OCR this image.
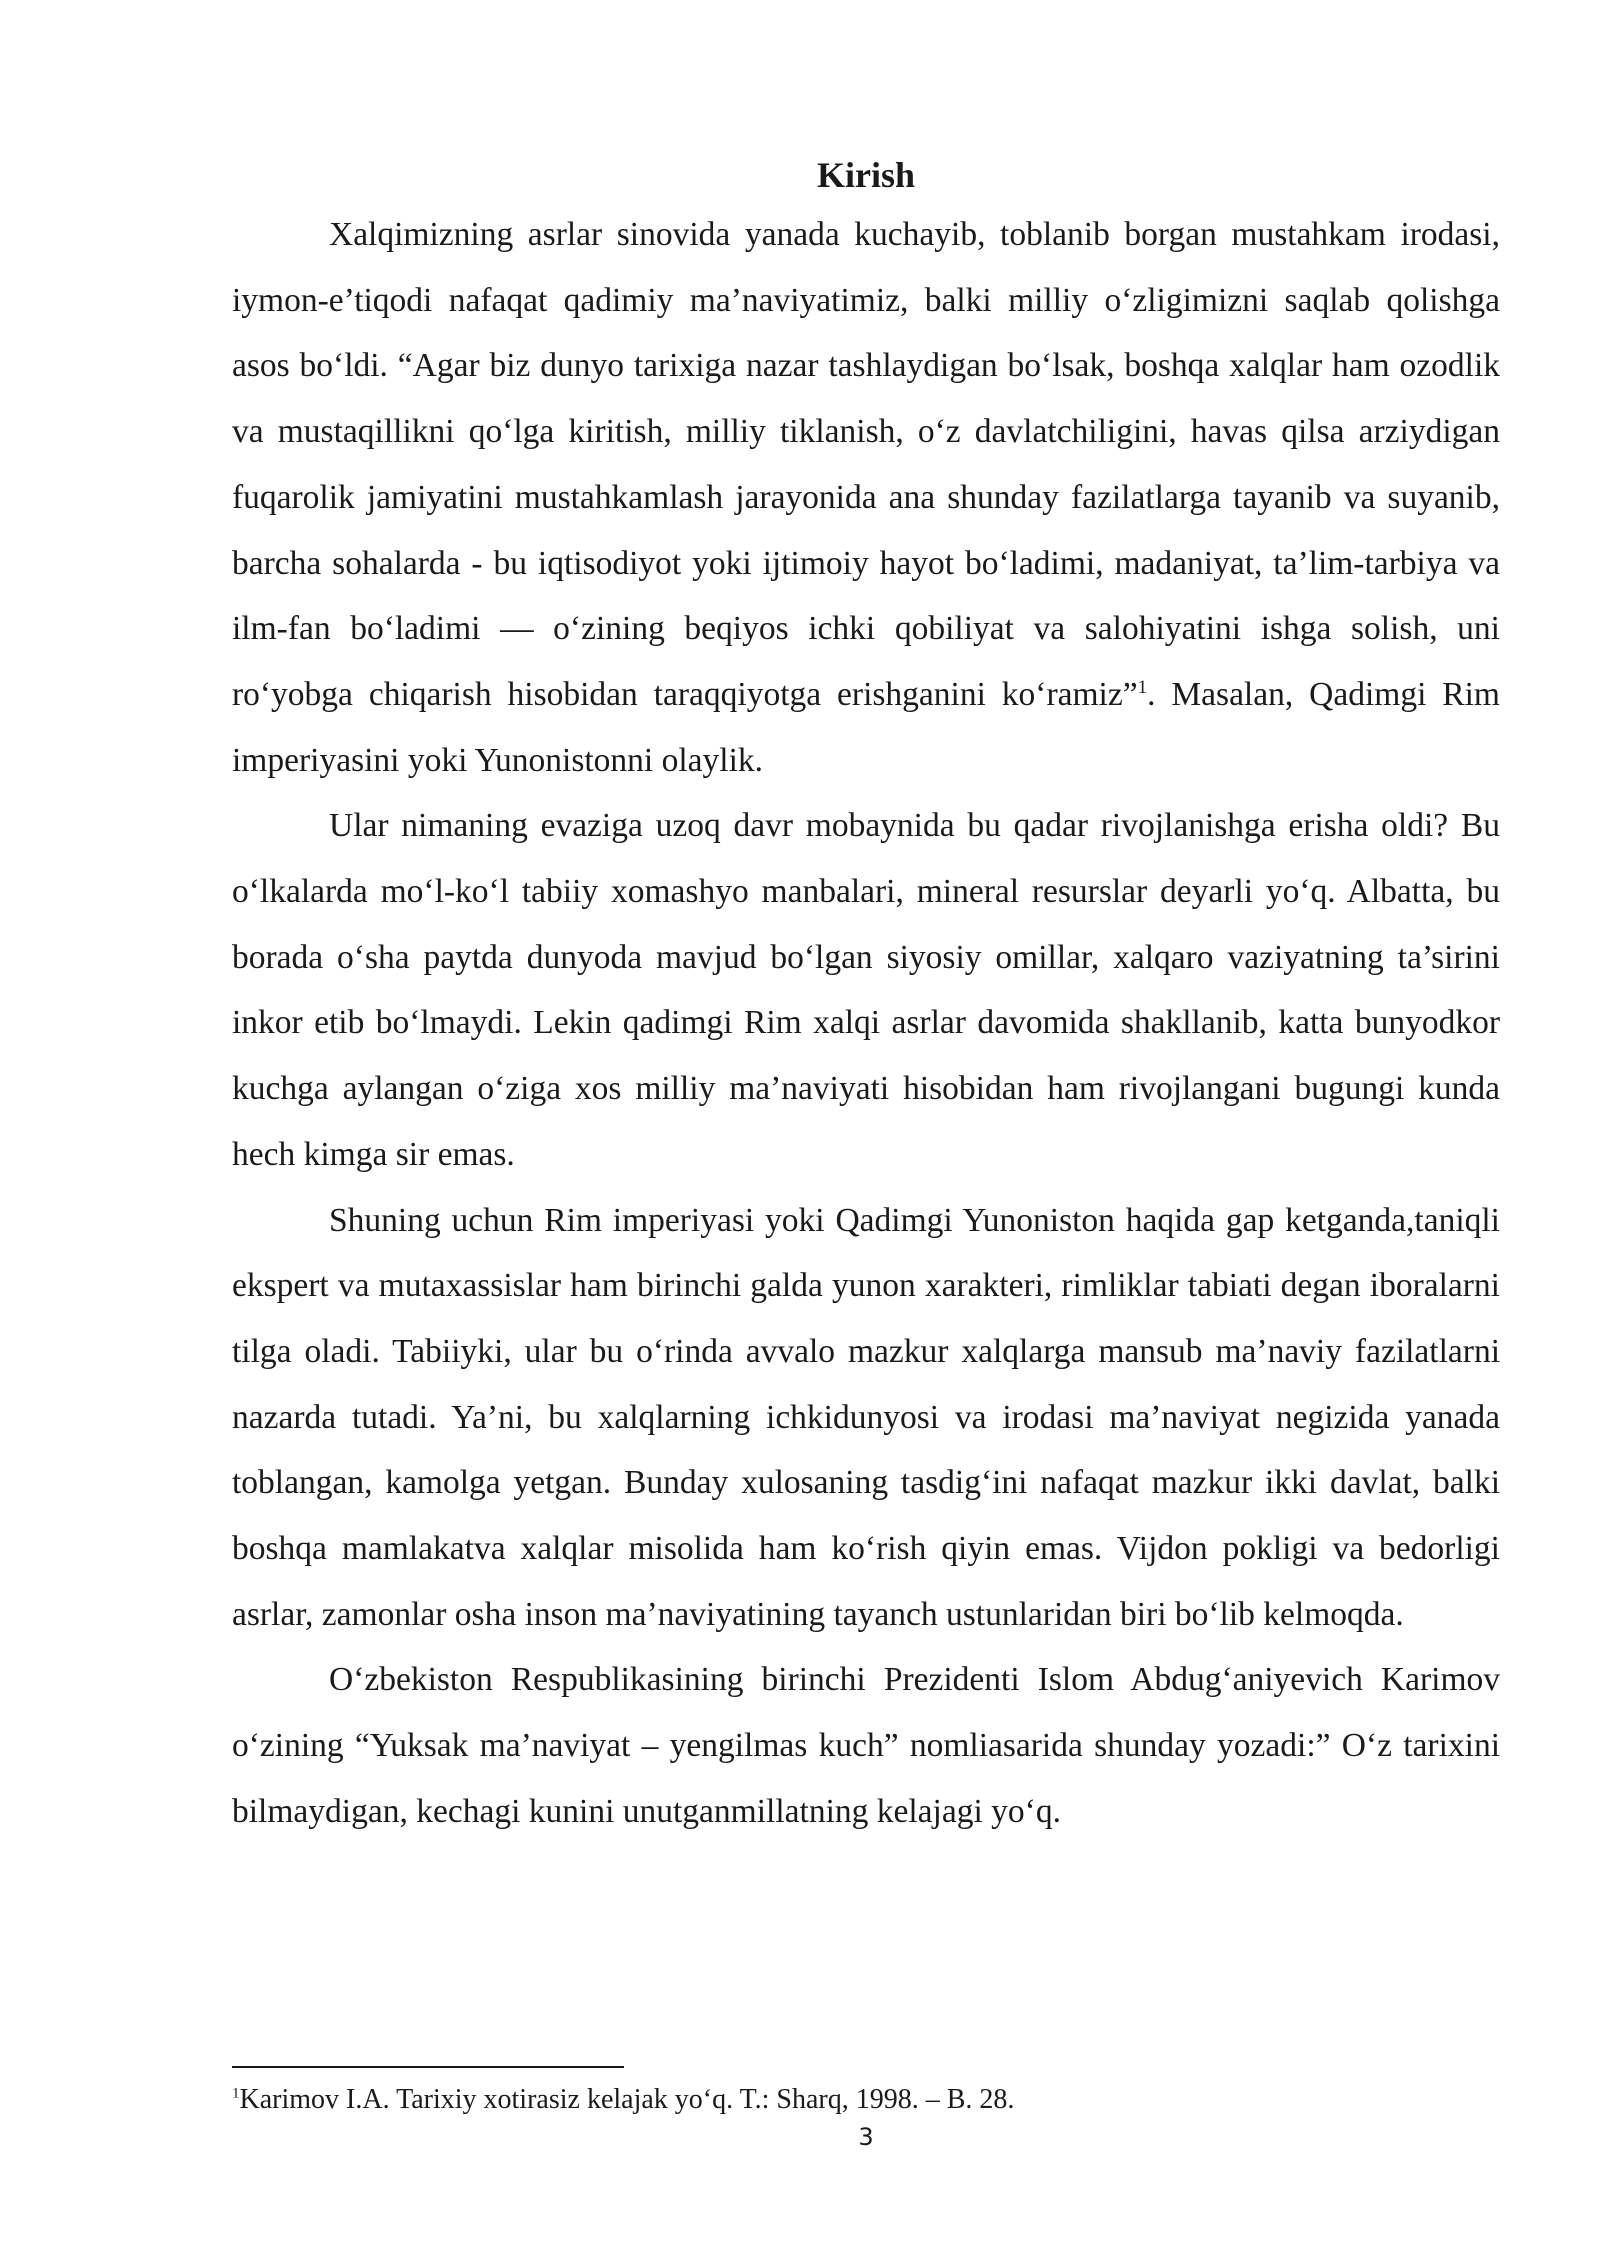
Kirish

Xalqimizning asrlar sinovida yanada kuchayib, toblanib borgan mustahkam irodasi, iymon-e’tiqodi nafaqat qadimiy ma’naviyatimiz, balki milliy o‘zligimizni saqlab qolishga asos bo‘ldi. “Agar biz dunyo tarixiga nazar tashlaydigan bo‘lsak, boshqa xalqlar ham ozodlik va mustaqillikni qo‘lga kiritish, milliy tiklanish, o‘z davlatchiligini, havas qilsa arziydigan fuqarolik jamiyatini mustahkamlash jarayonida ana shunday fazilatlarga tayanib va suyanib, barcha sohalarda - bu iqtisodiyot yoki ijtimoiy hayot bo‘ladimi, madaniyat, ta’lim-tarbiya va ilm-fan bo‘ladimi — o‘zining beqiyos ichki qobiliyat va salohiyatini ishga solish, uni ro‘yobga chiqarish hisobidan taraqqiyotga erishganini ko‘ramiz”$^1$. Masalan, Qadimgi Rim imperiyasini yoki Yunonistonni olaylik.

Ular nimaning evaziga uzoq davr mobaynida bu qadar rivojlanishga erisha oldi? Bu o‘lkalarda mo‘l-ko‘l tabiiy xomashyo manbalari, mineral resurslar deyarli yo‘q. Albatta, bu borada o‘sha paytda dunyoda mavjud bo‘lgan siyosiy omillar, xalqaro vaziyatning ta’sirini inkor etib bo‘lmaydi. Lekin qadimgi Rim xalqi asrlar davomida shakllanib, katta bunyodkor kuchga aylangan o‘ziga xos milliy ma’naviyati hisobidan ham rivojlangani bugungi kunda hech kimga sir emas.

Shuning uchun Rim imperiyasi yoki Qadimgi Yunoniston haqida gap ketganda,taniqli ekspert va mutaxassislar ham birinchi galda yunon xarakteri, rimliklar tabiati degan iboralarni tilga oladi. Tabiiyki, ular bu o‘rinda avvalo mazkur xalqlarga mansub ma’naviy fazilatlarni nazarda tutadi. Ya’ni, bu xalqlarning ichkidunyosi va irodasi ma’naviyat negizida yanada toblangan, kamolga yetgan. Bunday xulosaning tasdig‘ini nafaqat mazkur ikki davlat, balki boshqa mamlakatva xalqlar misolida ham ko‘rish qiyin emas. Vijdon pokligi va bedorligi asrlar, zamonlar osha inson ma’naviyatining tayanch ustunlaridan biri bo‘lib kelmoqda.

O‘zbekiston Respublikasining birinchi Prezidenti Islom Abdug‘aniyevich Karimov o‘zining “Yuksak ma’naviyat – yengilmas kuch” nomliasarida shunday yozadi:” O‘z tarixini bilmaydigan, kechagi kunini unutganmillatning kelajagi yo‘q.

$^1$Karimov I.A. Tarixiy xotirasiz kelajak yo‘q. T.: Sharq, 1998. – B. 28.

3
